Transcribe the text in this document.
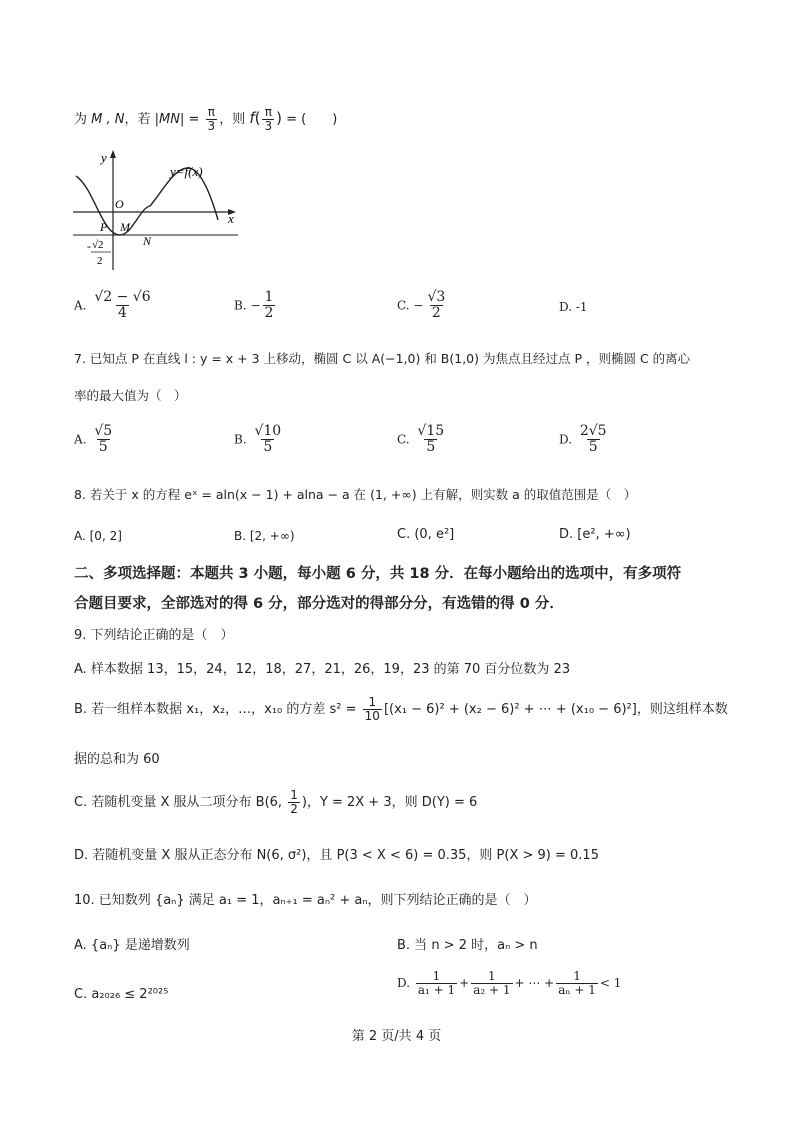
为 M , N，若 $|MN| = \frac{\pi}{3}$ ，则 $f( \frac{\pi}{3}$ ) = (　　)
y
x
y=f(x)
O
P M
N
- √2
2
A. $\frac{√2 - √6}{4}$	B. − $\frac{1}{2}$	C. − $\frac{√3}{2}$	D. -1
7. 已知点 P 在直线 l : y = x + 3 上移动，椭圆 C 以 A(−1,0) 和 B(1,0) 为焦点且经过点 P ，则椭圆 C 的离心
率的最大值为（　）
A. $\frac{√5}{5}$	B. $\frac{√10}{5}$	C. $\frac{√15}{5}$	D. $\frac{2√5}{5}$
8. 若关于 x 的方程 eˣ = aln(x − 1) + alna − a 在 (1, +∞) 上有解，则实数 a 的取值范围是（　）
A. [0, 2]	B. [2, +∞)	C. (0, e²]	D. [e², +∞)
二、多项选择题：本题共 3 小题，每小题 6 分，共 18 分．在每小题给出的选项中，有多项符
合题目要求，全部选对的得 6 分，部分选对的得部分分，有选错的得 0 分．
9. 下列结论正确的是（　）
A. 样本数据 13，15，24，12，18，27，21，26，19，23 的第 70 百分位数为 23
B. 若一组样本数据 x₁，x₂，…，x₁₀ 的方差 $s^2 = \frac{1}{10} [(x_1 - 6)^2 + (x_2 - 6)^2$ + ⋯ + (x₁₀ − 6)²]，则这组样本数
据的总和为 60
C. 若随机变量 X 服从二项分布 B(6, $\frac{1}{2}$ )，Y = 2X + 3，则 D(Y) = 6
D. 若随机变量 X 服从正态分布 N(6, σ²)，且 P(3 < X < 6) = 0.35，则 P(X > 9) = 0.15
10. 已知数列 {aₙ} 满足 a₁ = 1，aₙ₊₁ = aₙ² + aₙ，则下列结论正确的是（　）
A. {aₙ} 是递增数列	B. 当 n > 2 时，aₙ > n
C. a₂₀₂₆ ≤ 2²⁰²⁵
D. $\frac{1}{\text{a₁ + 1}} + \frac{1}{\text{a₂ + 1}}$ + ⋯ + $\frac{1}{\text{aₙ + 1}} < 1$
第 2 页/共 4 页
